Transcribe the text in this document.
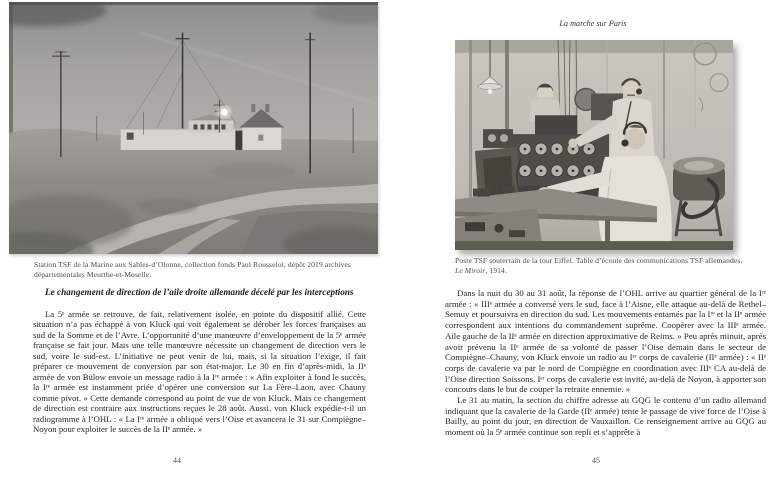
Station TSF de la Marine aux Sables-d’Olonne, collection fonds Paul Rousselot, dépôt 2019 archives départementales Meurthe-et-Moselle.
Le changement de direction de l’aile droite allemande décelé par les interceptions

La 5ᵉ armée se retrouve, de fait, relativement isolée, en pointe du dispositif allié. Cette situation n’a pas échappé à von Kluck qui voit également se dérober les forces françaises au sud de la Somme et de l’Avre. L’opportunité d’une manœuvre d’enveloppement de la 5ᵉ armée française se fait jour. Mais une telle manœuvre nécessite un changement de direction vers le sud, voire le sud-est. L’initiative ne peut venir de lui, mais, si la situation l’exige, il fait préparer ce mouvement de conversion par son état-major. Le 30 en fin d’après-midi, la IIᵉ armée de von Bülow envoie un message radio à la Iʳᵉ armée : « Afin exploiter à fond le succès, la Iʳᵉ armée est instamment priée d’opérer une conversion sur La Fère–Laon, avec Chauny comme pivot. » Cette demande correspond au point de vue de von Kluck. Mais ce changement de direction est contraire aux instructions reçues le 28 août. Aussi, von Kluck expédie-t-il un radiogramme à l’OHL : « La Iʳᵉ armée a obliqué vers l’Oise et avancera le 31 sur Compiègne–Noyon pour exploiter le succès de la IIᵉ armée. »

44
La marche sur Paris
Poste TSF souterrain de la tour Eiffel. Table d’écoute des communications TSF allemandes.
Le Miroir, 1914.

Dans la nuit du 30 au 31 août, la réponse de l’OHL arrive au quartier général de la Iʳᵉ armée : « IIIᵉ armée a conversé vers le sud, face à l’Aisne, elle attaque au-delà de Rethel–Semuy et poursuivra en direction du sud. Les mouvements entamés par la Iʳᵉ et la IIᵉ armée correspondent aux intentions du commandement suprême. Coopérer avec la IIIᵉ armée. Aile gauche de la IIᵉ armée en direction approximative de Reims. » Peu après minuit, après avoir prévenu la IIᵉ armée de sa volonté de passer l’Oise demain dans le secteur de Compiègne–Chauny, von Kluck envoie un radio au Iᵉʳ corps de cavalerie (IIᵉ armée) : « IIᵉ corps de cavalerie va par le nord de Compiègne en coordination avec IIIᵉ CA au-delà de l’Oise direction Soissons. Iᵉʳ corps de cavalerie est invité, au-delà de Noyon, à apporter son concours dans le but de couper la retraite ennemie. »

Le 31 au matin, la section du chiffre adresse au GQG le contenu d’un radio allemand indiquant que la cavalerie de la Garde (IIᵉ armée) tente le passage de vive force de l’Oise à Bailly, au point du jour, en direction de Vauxaillon. Ce renseignement arrive au GQG au moment où la 5ᵉ armée continue son repli et s’apprête à

45
